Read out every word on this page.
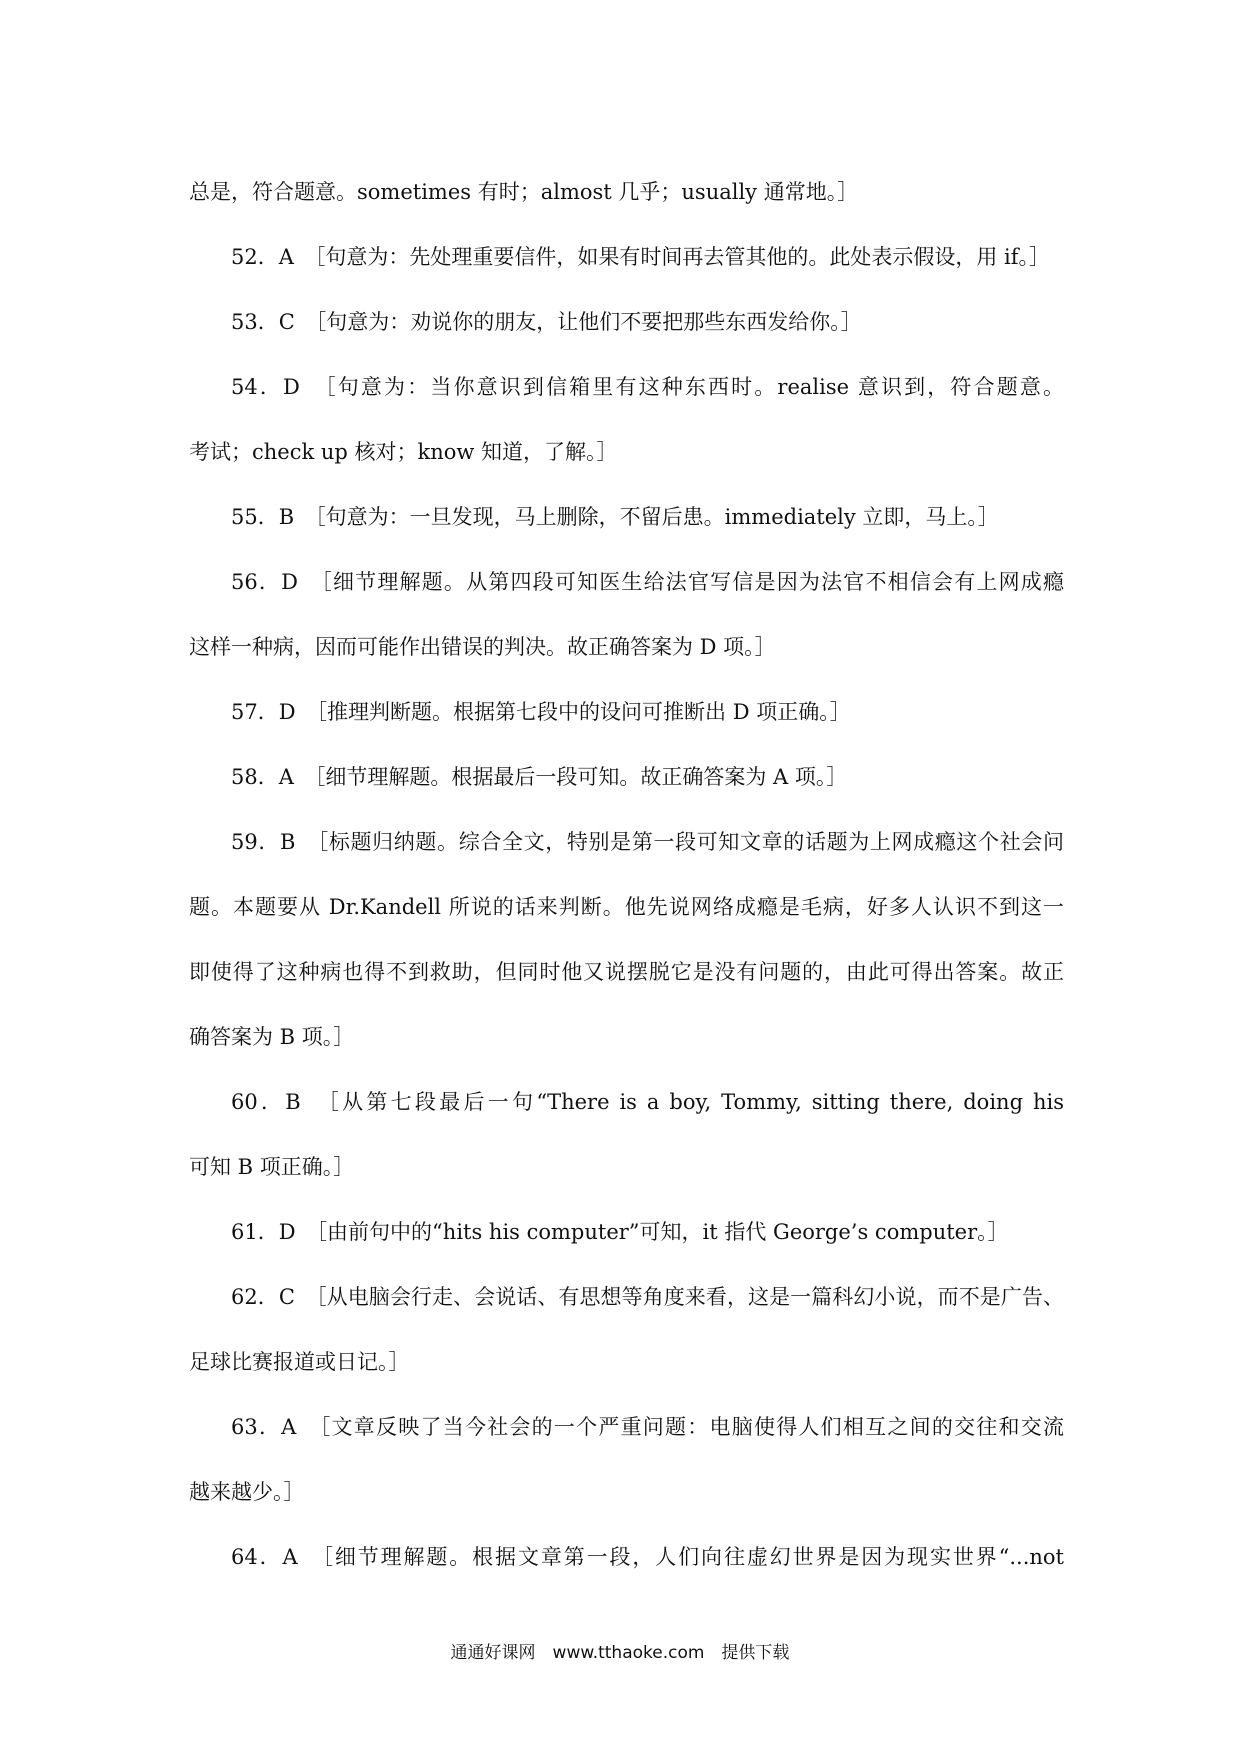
总是，符合题意。sometimes 有时；almost 几乎；usually 通常地。］
52．A　［句意为：先处理重要信件，如果有时间再去管其他的。此处表示假设，用 if。］
53．C　［句意为：劝说你的朋友，让他们不要把那些东西发给你。］
54．D　［句意为：当你意识到信箱里有这种东西时。realise 意识到，符合题意。
考试；check up 核对；know 知道，了解。］
55．B　［句意为：一旦发现，马上删除，不留后患。immediately 立即，马上。］
56．D　［细节理解题。从第四段可知医生给法官写信是因为法官不相信会有上网成瘾
这样一种病，因而可能作出错误的判决。故正确答案为 D 项。］
57．D　［推理判断题。根据第七段中的设问可推断出 D 项正确。］
58．A　［细节理解题。根据最后一段可知。故正确答案为 A 项。］
59．B　［标题归纳题。综合全文，特别是第一段可知文章的话题为上网成瘾这个社会问
题。本题要从 Dr.Kandell 所说的话来判断。他先说网络成瘾是毛病，好多人认识不到这一
即使得了这种病也得不到救助，但同时他又说摆脱它是没有问题的，由此可得出答案。故正
确答案为 B 项。］
60．B　［从第七段最后一句“There is a boy, Tommy, sitting there, doing his
可知 B 项正确。］
61．D　［由前句中的“hits his computer”可知，it 指代 George’s computer。］
62．C　［从电脑会行走、会说话、有思想等角度来看，这是一篇科幻小说，而不是广告、
足球比赛报道或日记。］
63．A　［文章反映了当今社会的一个严重问题：电脑使得人们相互之间的交往和交流
越来越少。］
64．A　［细节理解题。根据文章第一段，人们向往虚幻世界是因为现实世界“...not
通通好课网　www.tthaoke.com　提供下载
